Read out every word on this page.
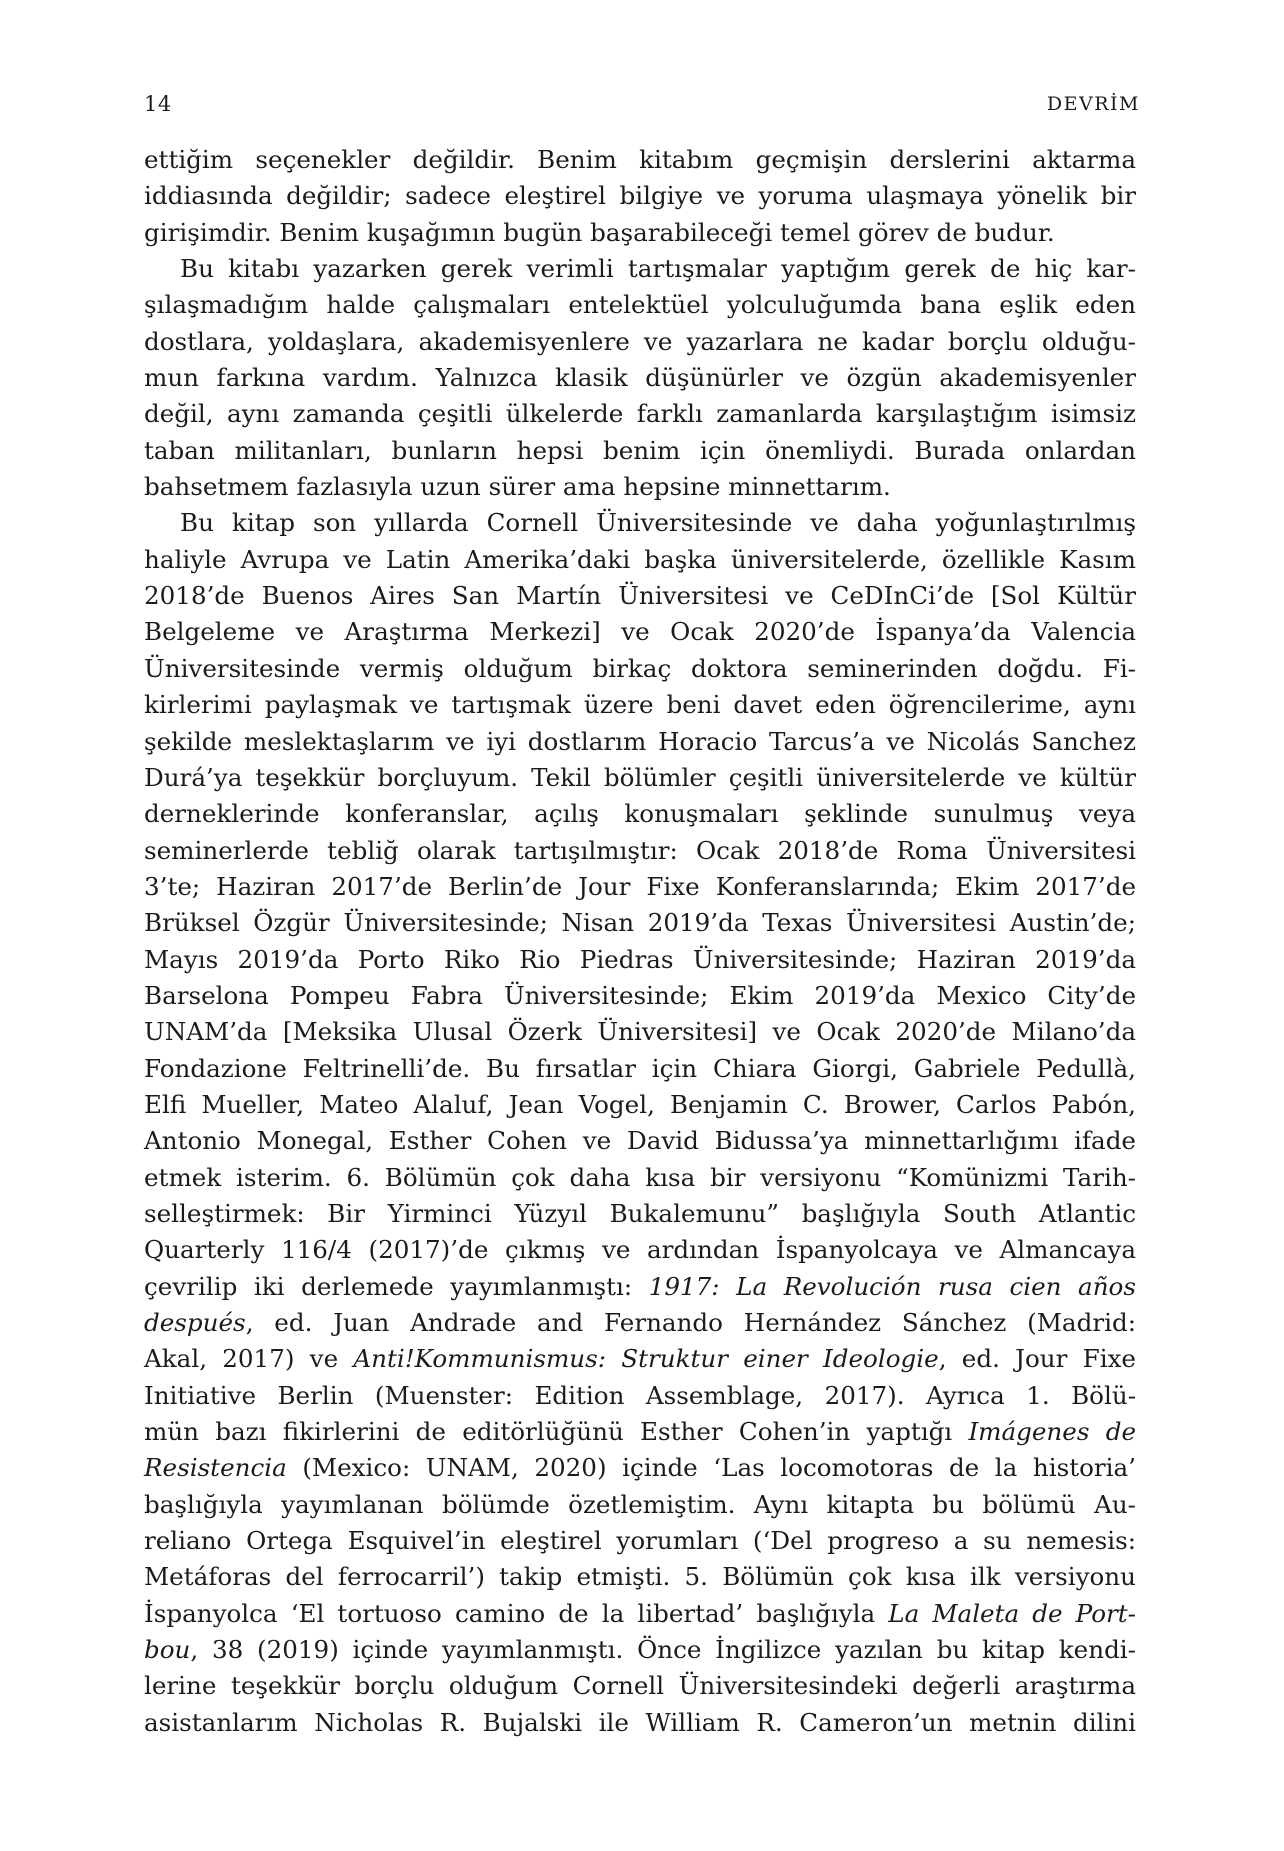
14	DEVRİM
ettiğim seçenekler değildir. Benim kitabım geçmişin derslerini aktarma
iddiasında değildir; sadece eleştirel bilgiye ve yoruma ulaşmaya yönelik bir
girişimdir. Benim kuşağımın bugün başarabileceği temel görev de budur.
Bu kitabı yazarken gerek verimli tartışmalar yaptığım gerek de hiç kar-
şılaşmadığım halde çalışmaları entelektüel yolculuğumda bana eşlik eden
dostlara, yoldaşlara, akademisyenlere ve yazarlara ne kadar borçlu olduğu-
mun farkına vardım. Yalnızca klasik düşünürler ve özgün akademisyenler
değil, aynı zamanda çeşitli ülkelerde farklı zamanlarda karşılaştığım isimsiz
taban militanları, bunların hepsi benim için önemliydi. Burada onlardan
bahsetmem fazlasıyla uzun sürer ama hepsine minnettarım.
Bu kitap son yıllarda Cornell Üniversitesinde ve daha yoğunlaştırılmış
haliyle Avrupa ve Latin Amerika’daki başka üniversitelerde, özellikle Kasım
2018’de Buenos Aires San Martín Üniversitesi ve CeDInCi’de [Sol Kültür
Belgeleme ve Araştırma Merkezi] ve Ocak 2020’de İspanya’da Valencia
Üniversitesinde vermiş olduğum birkaç doktora seminerinden doğdu. Fi-
kirlerimi paylaşmak ve tartışmak üzere beni davet eden öğrencilerime, aynı
şekilde meslektaşlarım ve iyi dostlarım Horacio Tarcus’a ve Nicolás Sanchez
Durá’ya teşekkür borçluyum. Tekil bölümler çeşitli üniversitelerde ve kültür
derneklerinde konferanslar, açılış konuşmaları şeklinde sunulmuş veya
seminerlerde tebliğ olarak tartışılmıştır: Ocak 2018’de Roma Üniversitesi
3’te; Haziran 2017’de Berlin’de Jour Fixe Konferanslarında; Ekim 2017’de
Brüksel Özgür Üniversitesinde; Nisan 2019’da Texas Üniversitesi Austin’de;
Mayıs 2019’da Porto Riko Rio Piedras Üniversitesinde; Haziran 2019’da
Barselona Pompeu Fabra Üniversitesinde; Ekim 2019’da Mexico City’de
UNAM’da [Meksika Ulusal Özerk Üniversitesi] ve Ocak 2020’de Milano’da
Fondazione Feltrinelli’de. Bu fırsatlar için Chiara Giorgi, Gabriele Pedullà,
Elfi Mueller, Mateo Alaluf, Jean Vogel, Benjamin C. Brower, Carlos Pabón,
Antonio Monegal, Esther Cohen ve David Bidussa’ya minnettarlığımı ifade
etmek isterim. 6. Bölümün çok daha kısa bir versiyonu “Komünizmi Tarih-
selleştirmek: Bir Yirminci Yüzyıl Bukalemunu” başlığıyla South Atlantic
Quarterly 116/4 (2017)’de çıkmış ve ardından İspanyolcaya ve Almancaya
çevrilip iki derlemede yayımlanmıştı: 1917: La Revolución rusa cien años
después, ed. Juan Andrade and Fernando Hernández Sánchez (Madrid:
Akal, 2017) ve Anti!Kommunismus: Struktur einer Ideologie, ed. Jour Fixe
Initiative Berlin (Muenster: Edition Assemblage, 2017). Ayrıca 1. Bölü-
mün bazı fikirlerini de editörlüğünü Esther Cohen’in yaptığı Imágenes de
Resistencia (Mexico: UNAM, 2020) içinde ‘Las locomotoras de la historia’
başlığıyla yayımlanan bölümde özetlemiştim. Aynı kitapta bu bölümü Au-
reliano Ortega Esquivel’in eleştirel yorumları (‘Del progreso a su nemesis:
Metáforas del ferrocarril’) takip etmişti. 5. Bölümün çok kısa ilk versiyonu
İspanyolca ‘El tortuoso camino de la libertad’ başlığıyla La Maleta de Port-
bou, 38 (2019) içinde yayımlanmıştı. Önce İngilizce yazılan bu kitap kendi-
lerine teşekkür borçlu olduğum Cornell Üniversitesindeki değerli araştırma
asistanlarım Nicholas R. Bujalski ile William R. Cameron’un metnin dilini
